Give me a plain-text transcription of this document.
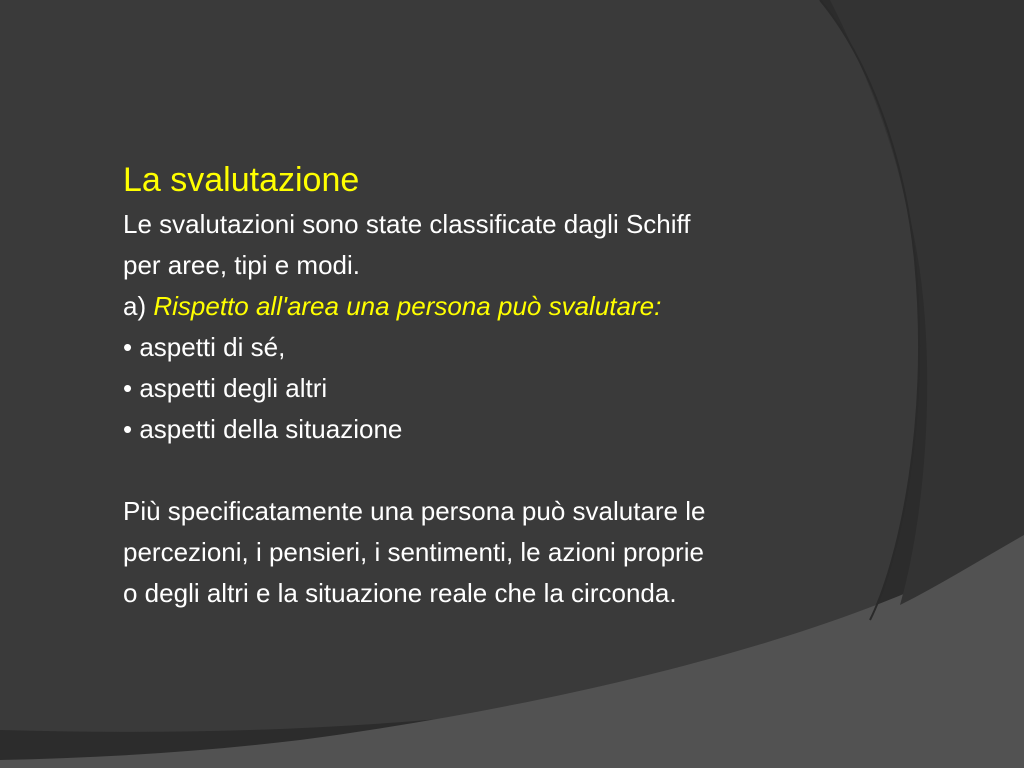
La svalutazione
Le svalutazioni sono state classificate dagli Schiff
per aree, tipi e modi.
a) Rispetto all'area una persona può svalutare:
• aspetti di sé,
• aspetti degli altri
• aspetti della situazione
Più specificatamente una persona può svalutare le
percezioni, i pensieri, i sentimenti, le azioni proprie
o degli altri e la situazione reale che la circonda.
